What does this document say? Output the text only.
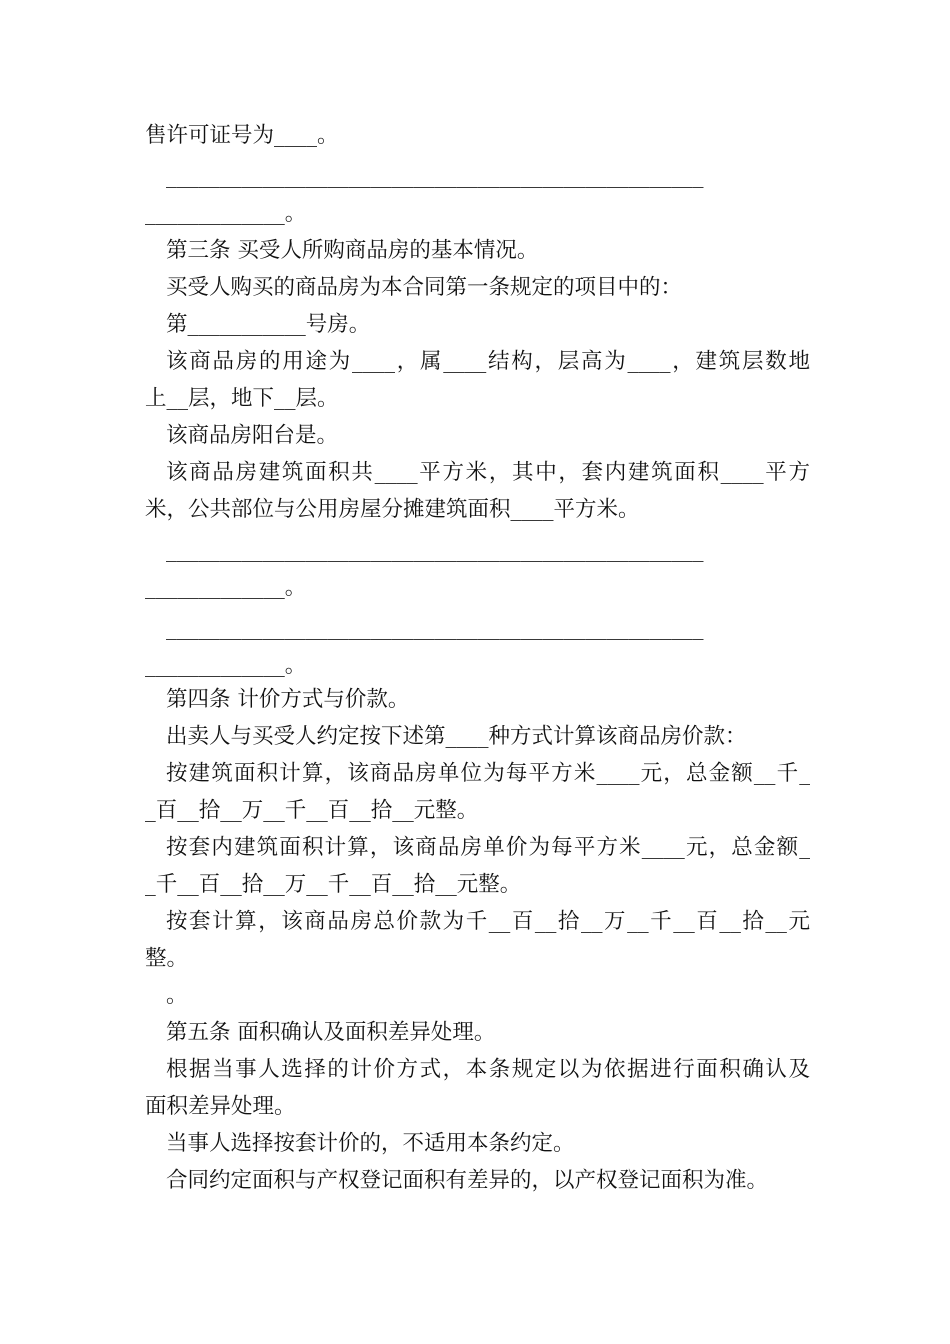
售许可证号为____。
__________________________________________________
_____________。
第三条 买受人所购商品房的基本情况。
买受人购买的商品房为本合同第一条规定的项目中的：
第___________号房。
该商品房的用途为____，属____结构，层高为____，建筑层数地
上__层，地下__层。
该商品房阳台是。
该商品房建筑面积共____平方米，其中，套内建筑面积____平方
米，公共部位与公用房屋分摊建筑面积____平方米。
__________________________________________________
_____________。
__________________________________________________
_____________。
第四条 计价方式与价款。
出卖人与买受人约定按下述第____种方式计算该商品房价款：
按建筑面积计算，该商品房单位为每平方米____元，总金额__千_
_百__拾__万__千__百__拾__元整。
按套内建筑面积计算，该商品房单价为每平方米____元，总金额_
_千__百__拾__万__千__百__拾__元整。
按套计算，该商品房总价款为千__百__拾__万__千__百__拾__元
整。
。
第五条 面积确认及面积差异处理。
根据当事人选择的计价方式，本条规定以为依据进行面积确认及
面积差异处理。
当事人选择按套计价的，不适用本条约定。
合同约定面积与产权登记面积有差异的，以产权登记面积为准。
